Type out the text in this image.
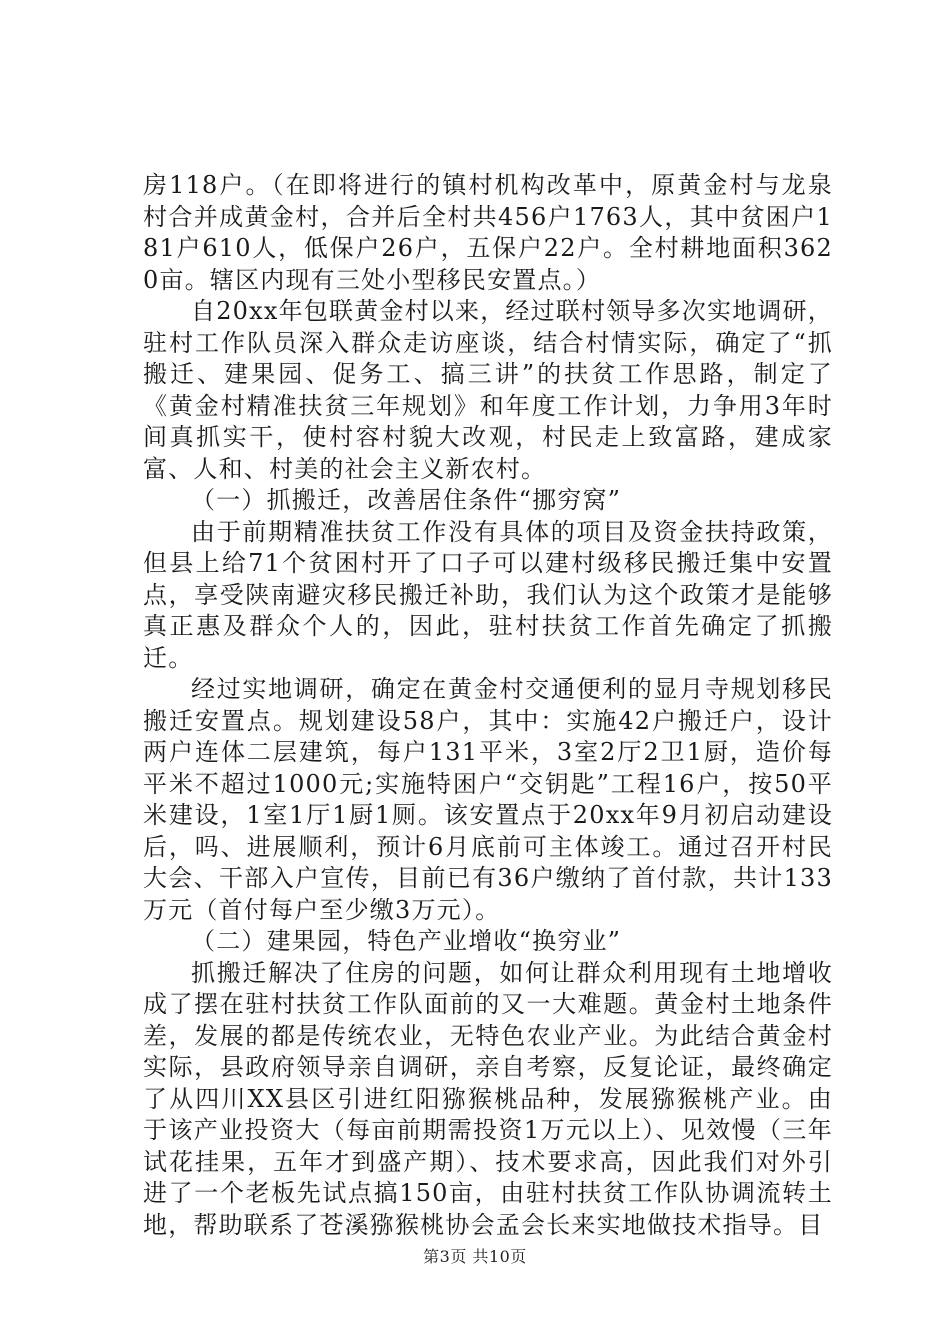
房118户。（在即将进行的镇村机构改革中，原黄金村与龙泉村合并成黄金村，合并后全村共456户1763人，其中贫困户181户610人，低保户26户，五保户22户。全村耕地面积3620亩。辖区内现有三处小型移民安置点。）

自20xx年包联黄金村以来，经过联村领导多次实地调研，驻村工作队员深入群众走访座谈，结合村情实际，确定了“抓搬迁、建果园、促务工、搞三讲”的扶贫工作思路，制定了《黄金村精准扶贫三年规划》和年度工作计划，力争用3年时间真抓实干，使村容村貌大改观，村民走上致富路，建成家富、人和、村美的社会主义新农村。

（一）抓搬迁，改善居住条件“挪穷窝”

由于前期精准扶贫工作没有具体的项目及资金扶持政策，但县上给71个贫困村开了口子可以建村级移民搬迁集中安置点，享受陕南避灾移民搬迁补助，我们认为这个政策才是能够真正惠及群众个人的，因此，驻村扶贫工作首先确定了抓搬迁。

经过实地调研，确定在黄金村交通便利的显月寺规划移民搬迁安置点。规划建设58户，其中：实施42户搬迁户，设计两户连体二层建筑，每户131平米，3室2厅2卫1厨，造价每平米不超过1000元;实施特困户“交钥匙”工程16户，按50平米建设，1室1厅1厨1厕。该安置点于20xx年9月初启动建设后，吗、进展顺利，预计6月底前可主体竣工。通过召开村民大会、干部入户宣传，目前已有36户缴纳了首付款，共计133万元（首付每户至少缴3万元）。

（二）建果园，特色产业增收“换穷业”

抓搬迁解决了住房的问题，如何让群众利用现有土地增收成了摆在驻村扶贫工作队面前的又一大难题。黄金村土地条件差，发展的都是传统农业，无特色农业产业。为此结合黄金村实际，县政府领导亲自调研，亲自考察，反复论证，最终确定了从四川XX县区引进红阳猕猴桃品种，发展猕猴桃产业。由于该产业投资大（每亩前期需投资1万元以上）、见效慢（三年试花挂果，五年才到盛产期）、技术要求高，因此我们对外引进了一个老板先试点搞150亩，由驻村扶贫工作队协调流转土地，帮助联系了苍溪猕猴桃协会孟会长来实地做技术指导。目

第3页 共10页
